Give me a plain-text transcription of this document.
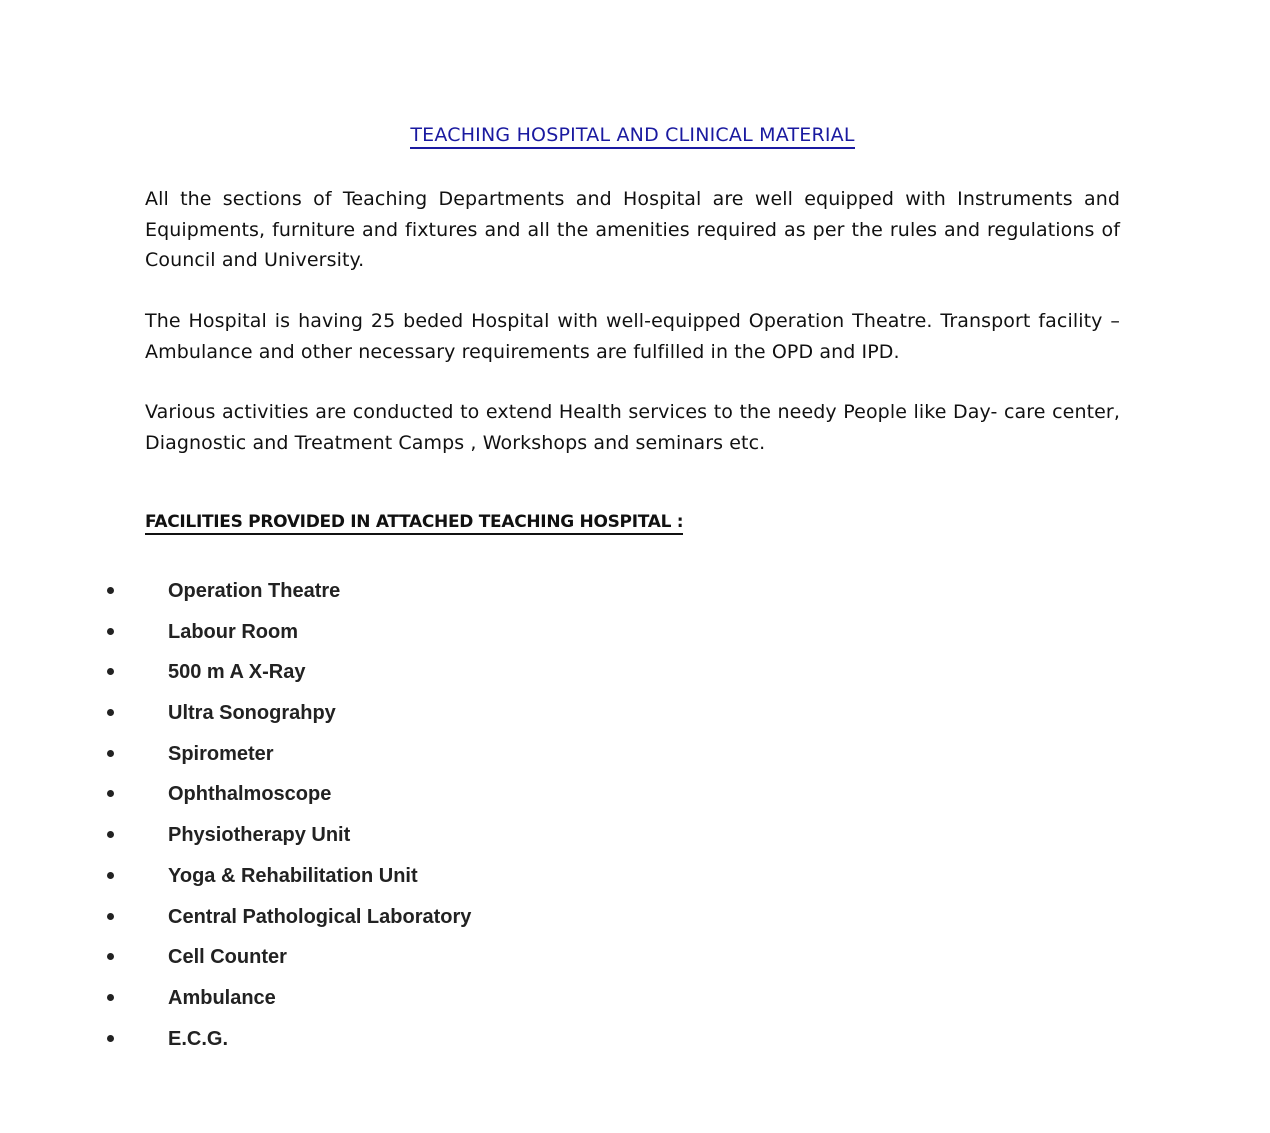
TEACHING HOSPITAL AND CLINICAL MATERIAL

All the sections of Teaching Departments and Hospital are well equipped with Instruments and Equipments, furniture and fixtures and all the amenities required as per the rules and regulations of Council and University.

The Hospital is having 25 beded Hospital with well-equipped Operation Theatre. Transport facility – Ambulance and other necessary requirements are fulfilled in the OPD and IPD.

Various activities are conducted to extend Health services to the needy People like Day- care center, Diagnostic and Treatment Camps , Workshops and seminars etc.

FACILITIES PROVIDED IN ATTACHED TEACHING HOSPITAL :
Operation Theatre
Labour Room
500 m A X-Ray
Ultra Sonograhpy
Spirometer
Ophthalmoscope
Physiotherapy Unit
Yoga & Rehabilitation Unit
Central Pathological Laboratory
Cell Counter
Ambulance
E.C.G.
